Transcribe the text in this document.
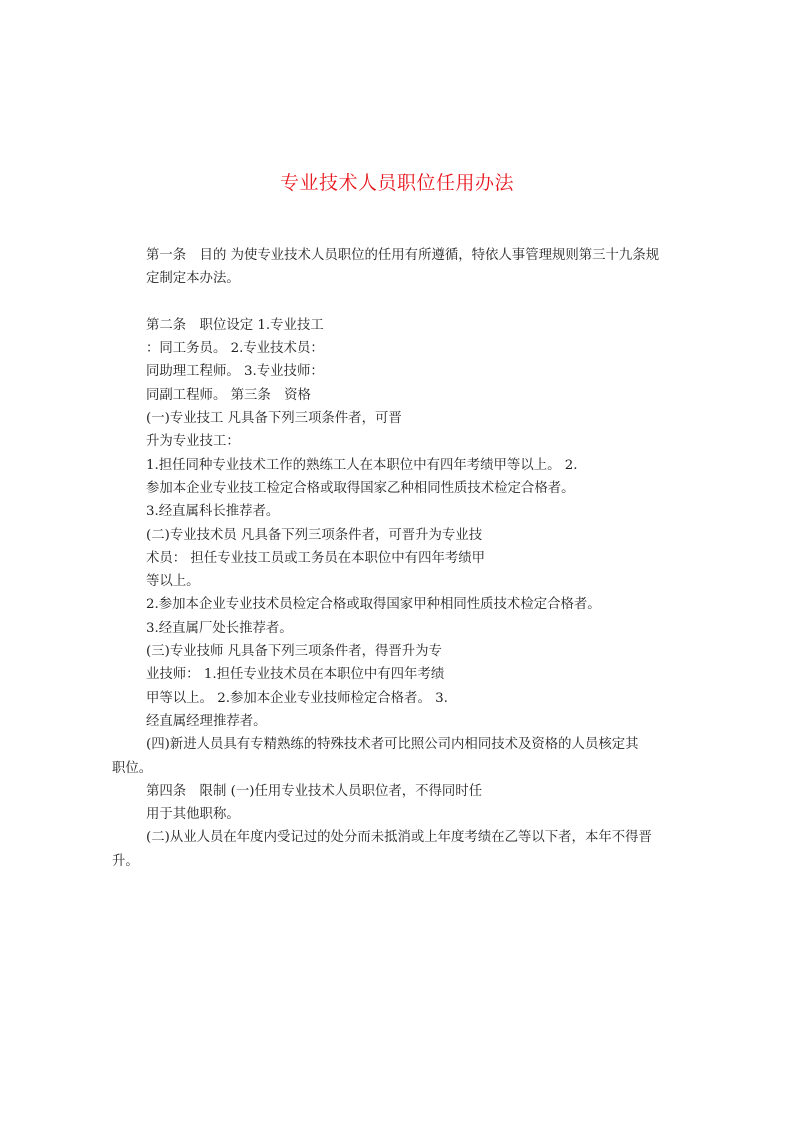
专业技术人员职位任用办法
第一条　目的 为使专业技术人员职位的任用有所遵循，特依人事管理规则第三十九条规
定制定本办法。
第二条　职位设定 1.专业技工
：同工务员。 2.专业技术员：
同助理工程师。 3.专业技师：
同副工程师。 第三条　资格
(一)专业技工 凡具备下列三项条件者，可晋
升为专业技工：
1.担任同种专业技术工作的熟练工人在本职位中有四年考绩甲等以上。 2.
参加本企业专业技工检定合格或取得国家乙种相同性质技术检定合格者。
3.经直属科长推荐者。
(二)专业技术员 凡具备下列三项条件者，可晋升为专业技
术员： 担任专业技工员或工务员在本职位中有四年考绩甲
等以上。
2.参加本企业专业技术员检定合格或取得国家甲种相同性质技术检定合格者。
3.经直属厂处长推荐者。
(三)专业技师 凡具备下列三项条件者，得晋升为专
业技师： 1.担任专业技术员在本职位中有四年考绩
甲等以上。 2.参加本企业专业技师检定合格者。 3.
经直属经理推荐者。
(四)新进人员具有专精熟练的特殊技术者可比照公司内相同技术及资格的人员核定其
职位。
第四条　限制 (一)任用专业技术人员职位者，不得同时任
用于其他职称。
(二)从业人员在年度内受记过的处分而未抵消或上年度考绩在乙等以下者，本年不得晋
升。
